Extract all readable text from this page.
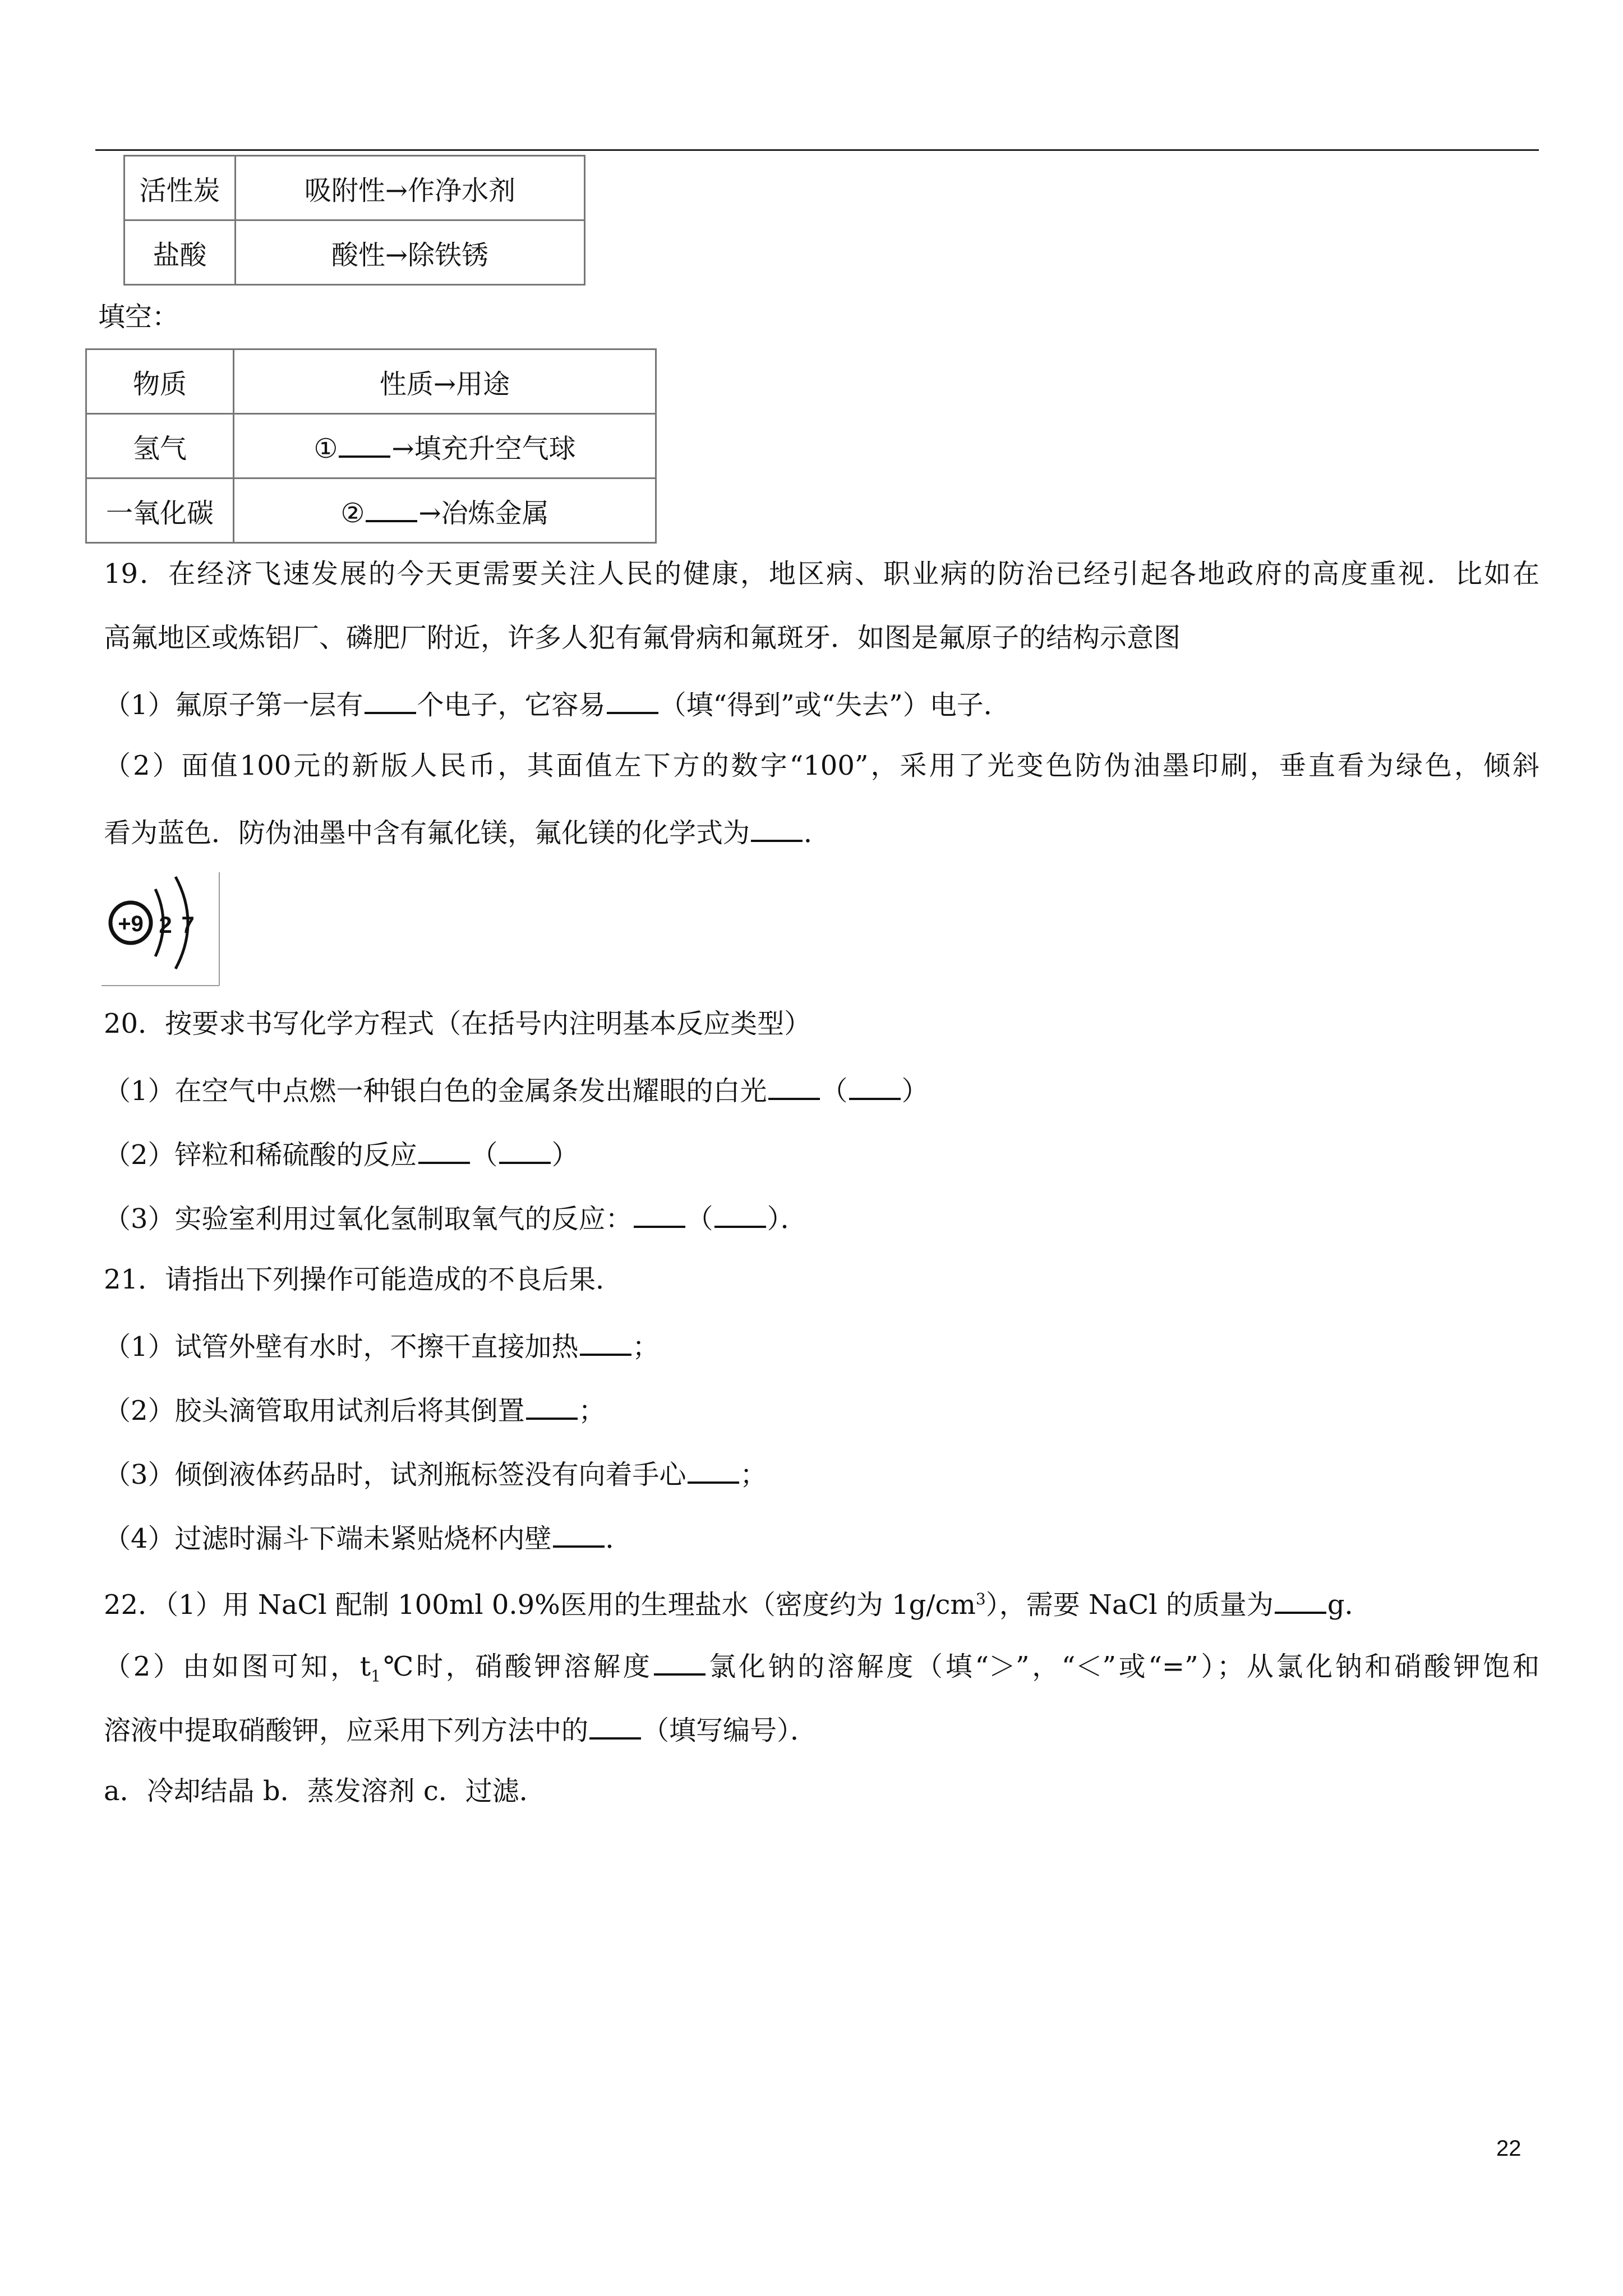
活性炭	吸附性→作净水剂
盐酸	酸性→除铁锈
填空：
物质	性质→用途
氢气	① →填充升空气球
一氧化碳	② →冶炼金属
19．在经济飞速发展的今天更需要关注人民的健康，地区病、职业病的防治已经引起各地政府的高度重视．比如在
高氟地区或炼铝厂、磷肥厂附近，许多人犯有氟骨病和氟斑牙．如图是氟原子的结构示意图
（1）氟原子第一层有 个电子，它容易 （填“得到”或“失去”）电子．
（2）面值100元的新版人民币，其面值左下方的数字“100”，采用了光变色防伪油墨印刷，垂直看为绿色，倾斜
看为蓝色．防伪油墨中含有氟化镁，氟化镁的化学式为 ．
+9 2 7
20．按要求书写化学方程式（在括号内注明基本反应类型）
（1）在空气中点燃一种银白色的金属条发出耀眼的白光 （ ）
（2）锌粒和稀硫酸的反应 （ ）
（3）实验室利用过氧化氢制取氧气的反应： （ ）．
21．请指出下列操作可能造成的不良后果．
（1）试管外壁有水时，不擦干直接加热 ；
（2）胶头滴管取用试剂后将其倒置 ；
（3）倾倒液体药品时，试剂瓶标签没有向着手心 ；
（4）过滤时漏斗下端未紧贴烧杯内壁 ．
22．（1）用 NaCl 配制 100ml 0.9%医用的生理盐水（密度约为 $1g/cm^3$），需要 NaCl 的质量为 g．
（2）由如图可知，$t_1℃$时，硝酸钾溶解度 氯化钠的溶解度（填“＞”，“＜”或“=”）；从氯化钠和硝酸钾饱和
溶液中提取硝酸钾，应采用下列方法中的 （填写编号）．
a．冷却结晶 b．蒸发溶剂 c．过滤．
22
